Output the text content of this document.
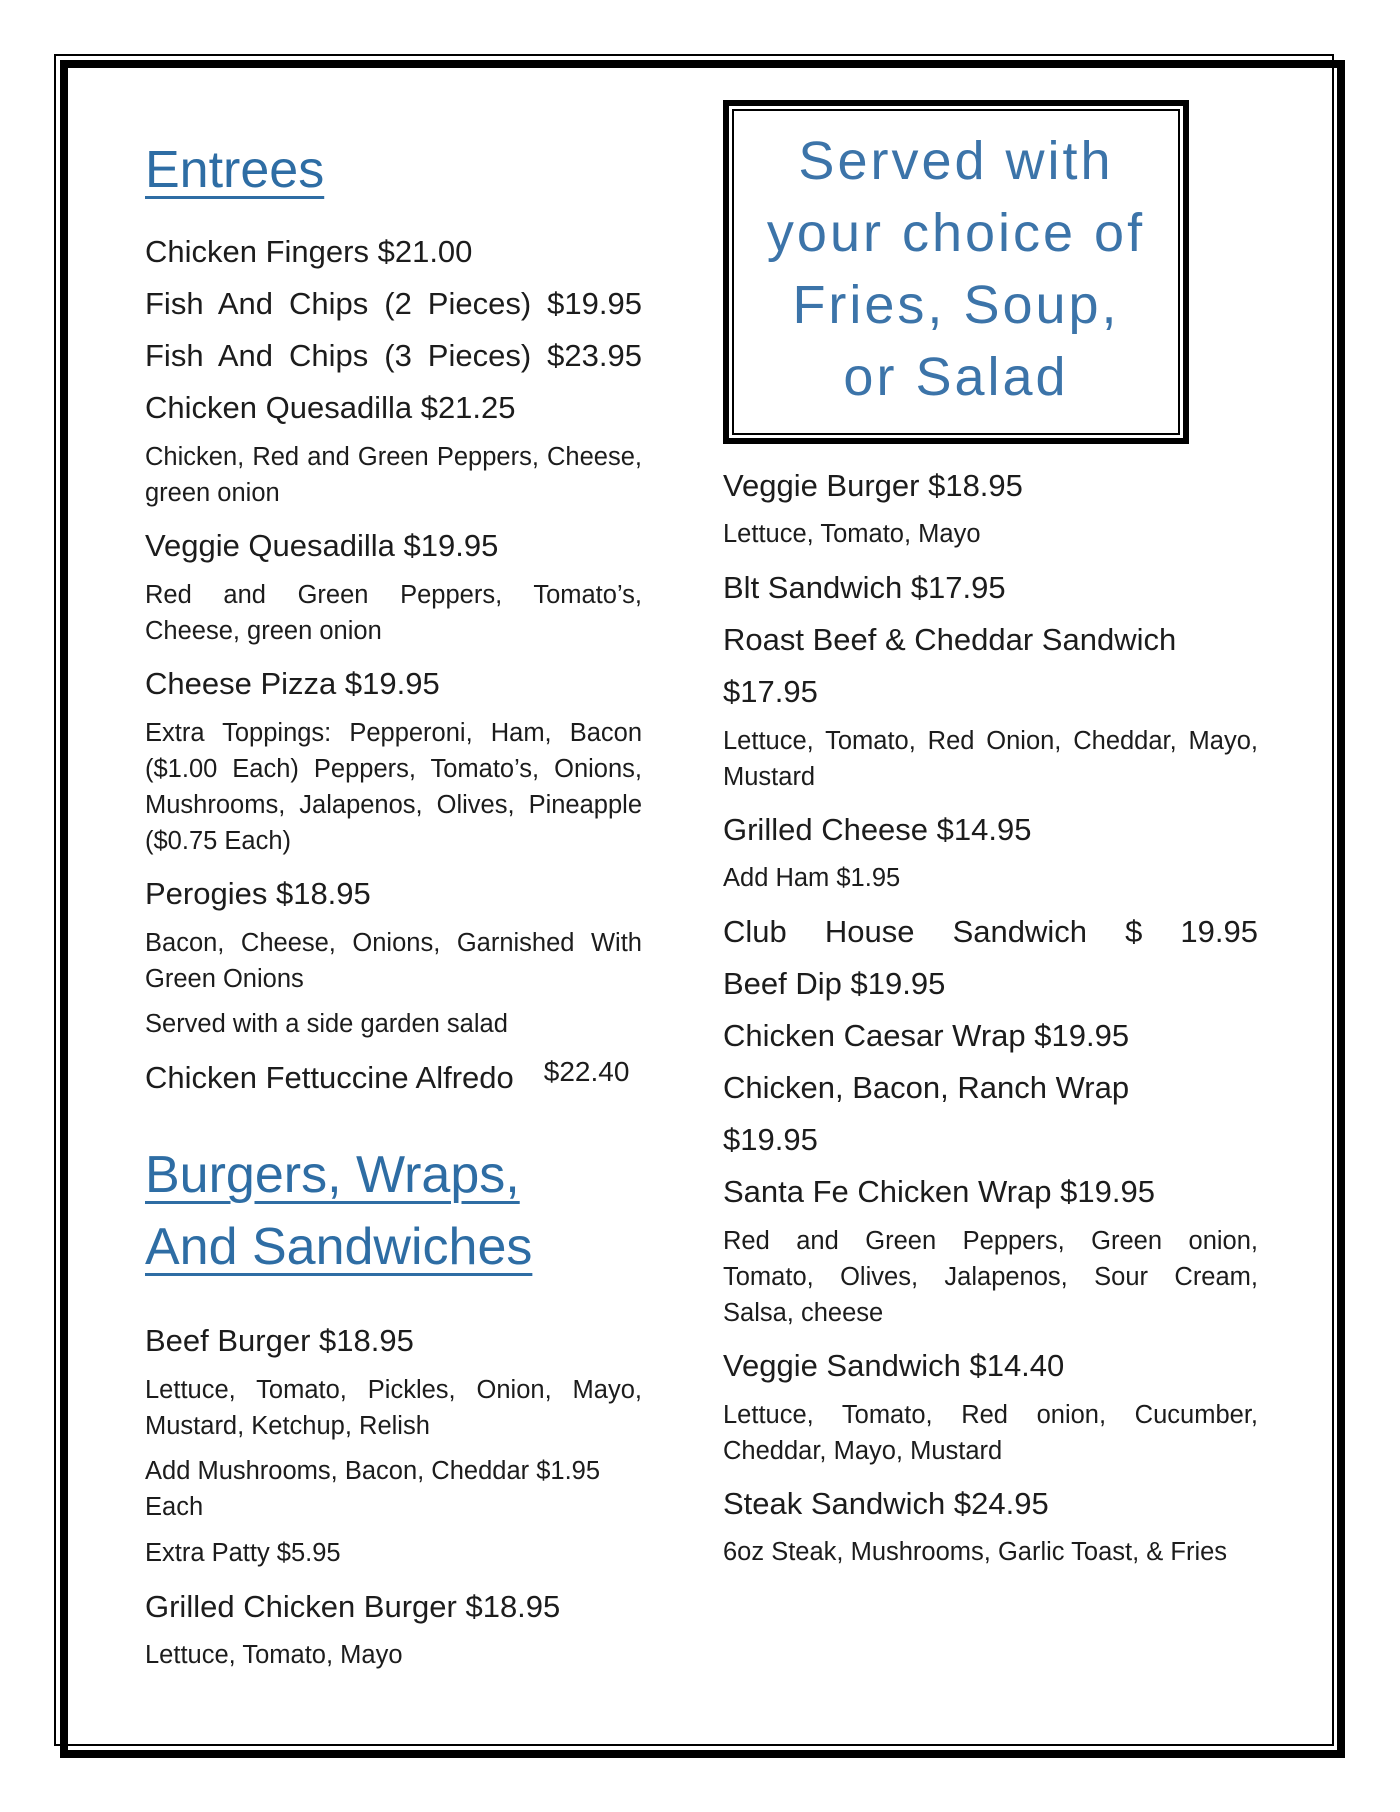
Entrees
Chicken Fingers $21.00
Fish And Chips (2 Pieces) $19.95
Fish And Chips (3 Pieces) $23.95
Chicken Quesadilla $21.25
Chicken, Red and Green Peppers, Cheese, green onion
Veggie Quesadilla $19.95
Red and Green Peppers, Tomato’s, Cheese, green onion
Cheese Pizza $19.95
Extra Toppings: Pepperoni, Ham, Bacon ($1.00 Each) Peppers, Tomato’s, Onions, Mushrooms, Jalapenos, Olives, Pineapple ($0.75 Each)
Perogies $18.95
Bacon, Cheese, Onions, Garnished With Green Onions
Served with a side garden salad
Chicken Fettuccine Alfredo $22.40
Burgers, Wraps,
And Sandwiches
Beef Burger $18.95
Lettuce, Tomato, Pickles, Onion, Mayo, Mustard, Ketchup, Relish
Add Mushrooms, Bacon, Cheddar $1.95 Each
Extra Patty $5.95
Grilled Chicken Burger $18.95
Lettuce, Tomato, Mayo
Served with
your choice of
Fries, Soup,
or Salad
Veggie Burger $18.95
Lettuce, Tomato, Mayo
Blt Sandwich $17.95
Roast Beef & Cheddar Sandwich
$17.95
Lettuce, Tomato, Red Onion, Cheddar, Mayo, Mustard
Grilled Cheese $14.95
Add Ham $1.95
Club House Sandwich $ 19.95
Beef Dip $19.95
Chicken Caesar Wrap $19.95
Chicken, Bacon, Ranch Wrap
$19.95
Santa Fe Chicken Wrap $19.95
Red and Green Peppers, Green onion, Tomato, Olives, Jalapenos, Sour Cream, Salsa, cheese
Veggie Sandwich $14.40
Lettuce, Tomato, Red onion, Cucumber, Cheddar, Mayo, Mustard
Steak Sandwich $24.95
6oz Steak, Mushrooms, Garlic Toast, & Fries
